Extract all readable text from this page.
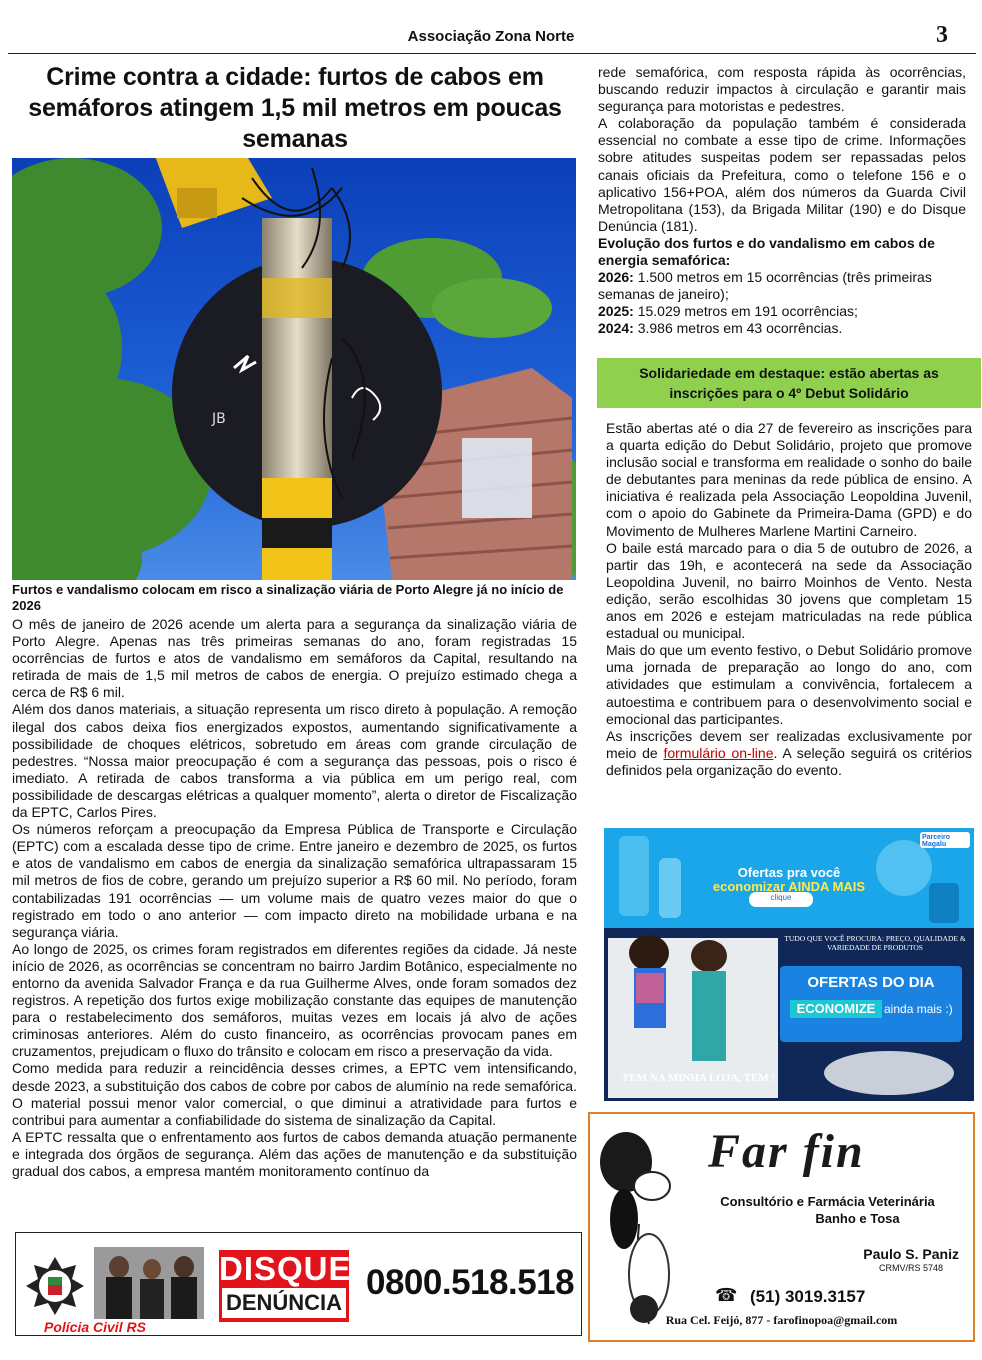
Associação Zona Norte	3
Crime contra a cidade: furtos de cabos em semáforos atingem 1,5 mil metros em poucas semanas
JB
Furtos e vandalismo colocam em risco a sinalização viária de Porto Alegre já no início de 2026

O mês de janeiro de 2026 acende um alerta para a segurança da sinalização viária de Porto Alegre. Apenas nas três primeiras semanas do ano, foram registradas 15 ocorrências de furtos e atos de vandalismo em semáforos da Capital, resultando na retirada de mais de 1,5 mil metros de cabos de energia. O prejuízo estimado chega a cerca de R$ 6 mil.

Além dos danos materiais, a situação representa um risco direto à população. A remoção ilegal dos cabos deixa fios energizados expostos, aumentando significativamente a possibilidade de choques elétricos, sobretudo em áreas com grande circulação de pedestres. “Nossa maior preocupação é com a segurança das pessoas, pois o risco é imediato. A retirada de cabos transforma a via pública em um perigo real, com possibilidade de descargas elétricas a qualquer momento”, alerta o diretor de Fiscalização da EPTC, Carlos Pires.

Os números reforçam a preocupação da Empresa Pública de Transporte e Circulação (EPTC) com a escalada desse tipo de crime. Entre janeiro e dezembro de 2025, os furtos e atos de vandalismo em cabos de energia da sinalização semafórica ultrapassaram 15 mil metros de fios de cobre, gerando um prejuízo superior a R$ 60 mil. No período, foram contabilizadas 191 ocorrências — um volume mais de quatro vezes maior do que o registrado em todo o ano anterior — com impacto direto na mobilidade urbana e na segurança viária.

Ao longo de 2025, os crimes foram registrados em diferentes regiões da cidade. Já neste início de 2026, as ocorrências se concentram no bairro Jardim Botânico, especialmente no entorno da avenida Salvador França e da rua Guilherme Alves, onde foram somados dez registros. A repetição dos furtos exige mobilização constante das equipes de manutenção para o restabelecimento dos semáforos, muitas vezes em locais já alvo de ações criminosas anteriores. Além do custo financeiro, as ocorrências provocam panes em cruzamentos, prejudicam o fluxo do trânsito e colocam em risco a preservação da vida.

Como medida para reduzir a reincidência desses crimes, a EPTC vem intensificando, desde 2023, a substituição dos cabos de cobre por cabos de alumínio na rede semafórica. O material possui menor valor comercial, o que diminui a atratividade para furtos e contribui para aumentar a confiabilidade do sistema de sinalização da Capital.

A EPTC ressalta que o enfrentamento aos furtos de cabos demanda atuação permanente e integrada dos órgãos de segurança. Além das ações de manutenção e da substituição gradual dos cabos, a empresa mantém monitoramento contínuo da

rede semafórica, com resposta rápida às ocorrências, buscando reduzir impactos à circulação e garantir mais segurança para motoristas e pedestres.

A colaboração da população também é considerada essencial no combate a esse tipo de crime. Informações sobre atitudes suspeitas podem ser repassadas pelos canais oficiais da Prefeitura, como o telefone 156 e o aplicativo 156+POA, além dos números da Guarda Civil Metropolitana (153), da Brigada Militar (190) e do Disque Denúncia (181).

Evolução dos furtos e do vandalismo em cabos de energia semafórica:

2026: 1.500 metros em 15 ocorrências (três primeiras semanas de janeiro);

2025: 15.029 metros em 191 ocorrências;

2024: 3.986 metros em 43 ocorrências.

Solidariedade em destaque: estão abertas as inscrições para o 4º Debut Solidário

Estão abertas até o dia 27 de fevereiro as inscrições para a quarta edição do Debut Solidário, projeto que promove inclusão social e transforma em realidade o sonho do baile de debutantes para meninas da rede pública de ensino. A iniciativa é realizada pela Associação Leopoldina Juvenil, com o apoio do Gabinete da Primeira-Dama (GPD) e do Movimento de Mulheres Marlene Martini Carneiro.

O baile está marcado para o dia 5 de outubro de 2026, a partir das 19h, e acontecerá na sede da Associação Leopoldina Juvenil, no bairro Moinhos de Vento. Nesta edição, serão escolhidas 30 jovens que completam 15 anos em 2026 e estejam matriculadas na rede pública estadual ou municipal.

Mais do que um evento festivo, o Debut Solidário promove uma jornada de preparação ao longo do ano, com atividades que estimulam a convivência, fortalecem a autoestima e contribuem para o desenvolvimento social e emocional das participantes.

As inscrições devem ser realizadas exclusivamente por meio de formulário on-line. A seleção seguirá os critérios definidos pela organização do evento.

Parceiro Magalu
Ofertas pra você
economizar AINDA MAIS
clique
TUDO QUE VOCÊ PROCURA: PREÇO, QUALIDADE & VARIEDADE DE PRODUTOS
OFERTAS DO DIA
ECONOMIZE ainda mais :)
TEM NA MINHA LOJA, TEM !
Far fin
Consultório e Farmácia Veterinária
Banho e Tosa
Paulo S. Paniz
CRMV/RS 5748
☎ (51) 3019.3157
Rua Cel. Feijó, 877 - farofinopoa@gmail.com
Polícia Civil RS
DISQUE
DENÚNCIA
0800.518.518
